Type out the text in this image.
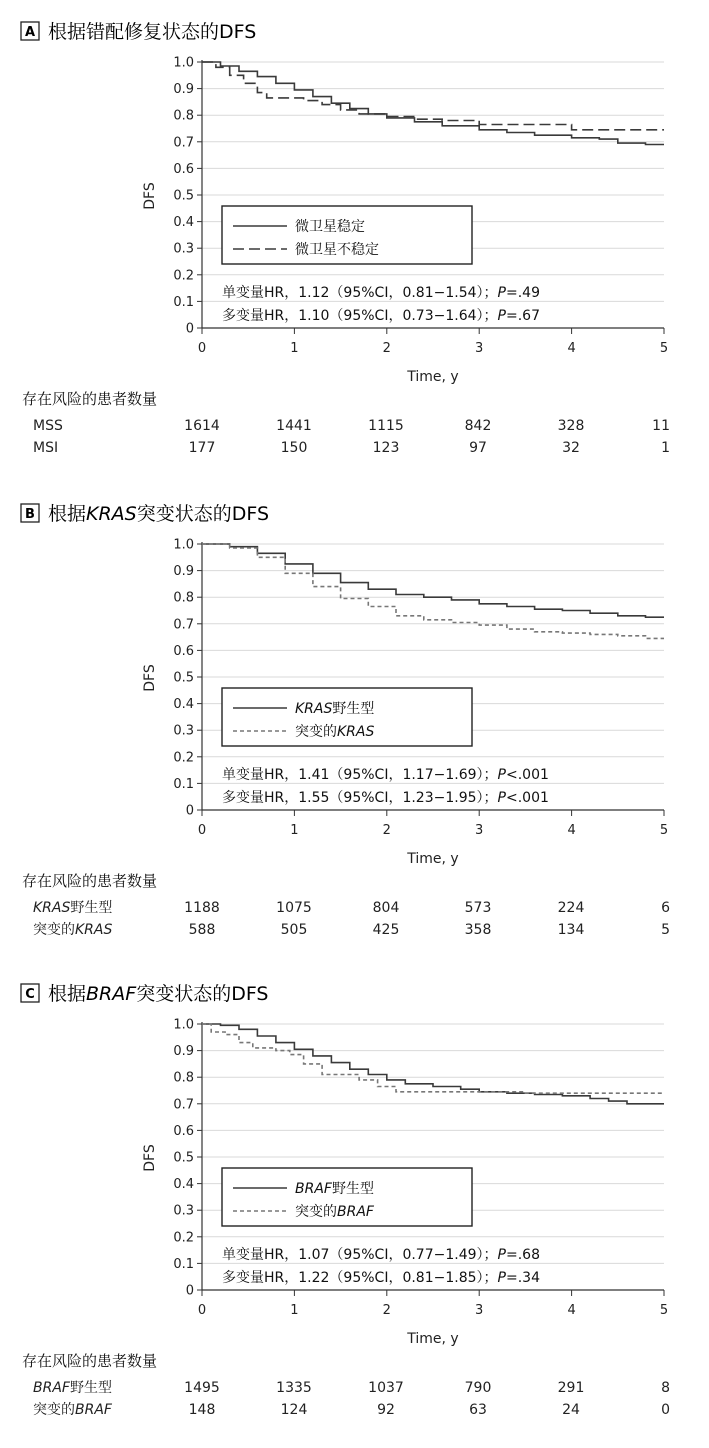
A 根据错配修复状态的DFS
0
0.1
0.2
0.3
0.4
0.5
0.6
0.7
0.8
0.9
1.0
0	1	2	3	4	5
Time, y
DFS
微卫星稳定
微卫星不稳定
单变量HR，1.12（95%CI，0.81−1.54）；P=.49
多变量HR，1.10（95%CI，0.73−1.64）；P=.67
存在风险的患者数量
MSS	1614	1441	1115	842	328	11
MSI	177	150	123	97	32	1
B 根据KRAS突变状态的DFS
0
0.1
0.2
0.3
0.4
0.5
0.6
0.7
0.8
0.9
1.0
0	1	2	3	4	5
Time, y
DFS
KRAS野生型
突变的KRAS
单变量HR，1.41（95%CI，1.17−1.69）；P<.001
多变量HR，1.55（95%CI，1.23−1.95）；P<.001
存在风险的患者数量
KRAS野生型	1188	1075	804	573	224	6
突变的KRAS	588	505	425	358	134	5
C 根据BRAF突变状态的DFS
0
0.1
0.2
0.3
0.4
0.5
0.6
0.7
0.8
0.9
1.0
0	1	2	3	4	5
Time, y
DFS
BRAF野生型
突变的BRAF
单变量HR，1.07（95%CI，0.77−1.49）；P=.68
多变量HR，1.22（95%CI，0.81−1.85）；P=.34
存在风险的患者数量
BRAF野生型	1495	1335	1037	790	291	8
突变的BRAF	148	124	92	63	24	0
